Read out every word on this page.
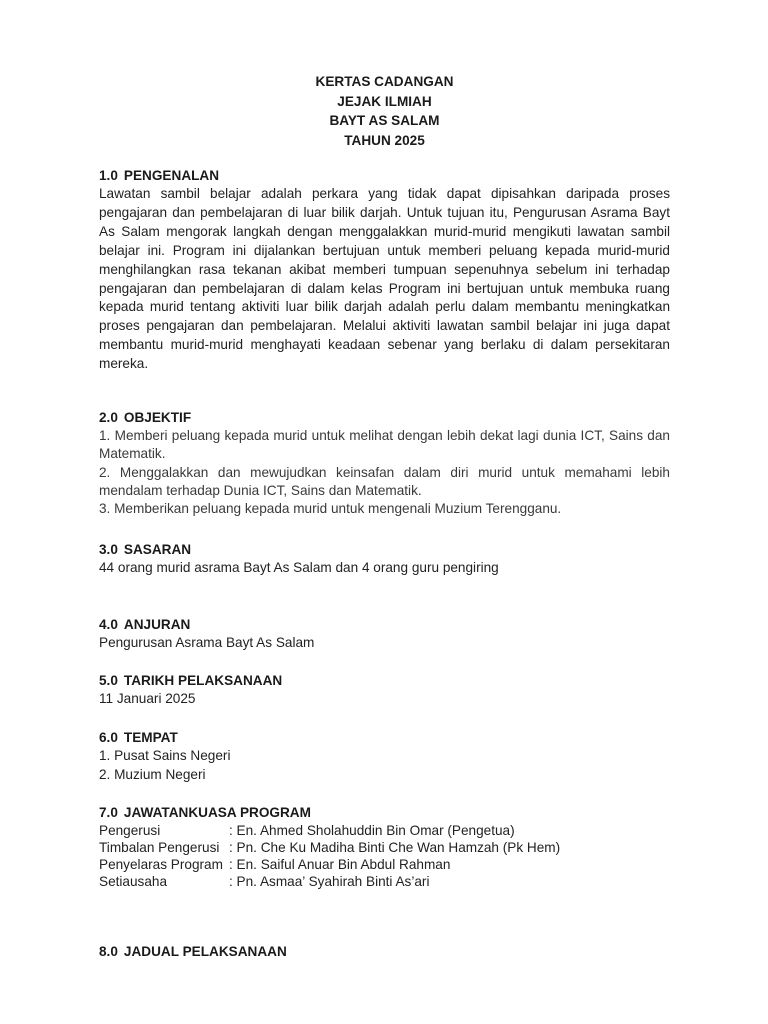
KERTAS CADANGAN
JEJAK ILMIAH
BAYT AS SALAM
TAHUN 2025
1.0 PENGENALAN
Lawatan sambil belajar adalah perkara yang tidak dapat dipisahkan daripada proses pengajaran dan pembelajaran di luar bilik darjah. Untuk tujuan itu, Pengurusan Asrama Bayt As Salam mengorak langkah dengan menggalakkan murid-murid mengikuti lawatan sambil belajar ini. Program ini dijalankan bertujuan untuk memberi peluang kepada murid-murid menghilangkan rasa tekanan akibat memberi tumpuan sepenuhnya sebelum ini terhadap pengajaran dan pembelajaran di dalam kelas Program ini bertujuan untuk membuka ruang kepada murid tentang aktiviti luar bilik darjah adalah perlu dalam membantu meningkatkan proses pengajaran dan pembelajaran. Melalui aktiviti lawatan sambil belajar ini juga dapat membantu murid-murid menghayati keadaan sebenar yang berlaku di dalam persekitaran mereka.
2.0 OBJEKTIF
1. Memberi peluang kepada murid untuk melihat dengan lebih dekat lagi dunia ICT, Sains dan Matematik.
2. Menggalakkan dan mewujudkan keinsafan dalam diri murid untuk memahami lebih mendalam terhadap Dunia ICT, Sains dan Matematik.
3. Memberikan peluang kepada murid untuk mengenali Muzium Terengganu.
3.0 SASARAN
44 orang murid asrama Bayt As Salam dan 4 orang guru pengiring
4.0 ANJURAN
Pengurusan Asrama Bayt As Salam
5.0 TARIKH PELAKSANAAN
11 Januari 2025
6.0 TEMPAT
1. Pusat Sains Negeri
2. Muzium Negeri
7.0 JAWATANKUASA PROGRAM
Pengerusi	: En. Ahmed Sholahuddin Bin Omar (Pengetua)
Timbalan Pengerusi : Pn. Che Ku Madiha Binti Che Wan Hamzah (Pk Hem)
Penyelaras Program : En. Saiful Anuar Bin Abdul Rahman
Setiausaha	: Pn. Asmaa’ Syahirah Binti As’ari
8.0 JADUAL PELAKSANAAN
